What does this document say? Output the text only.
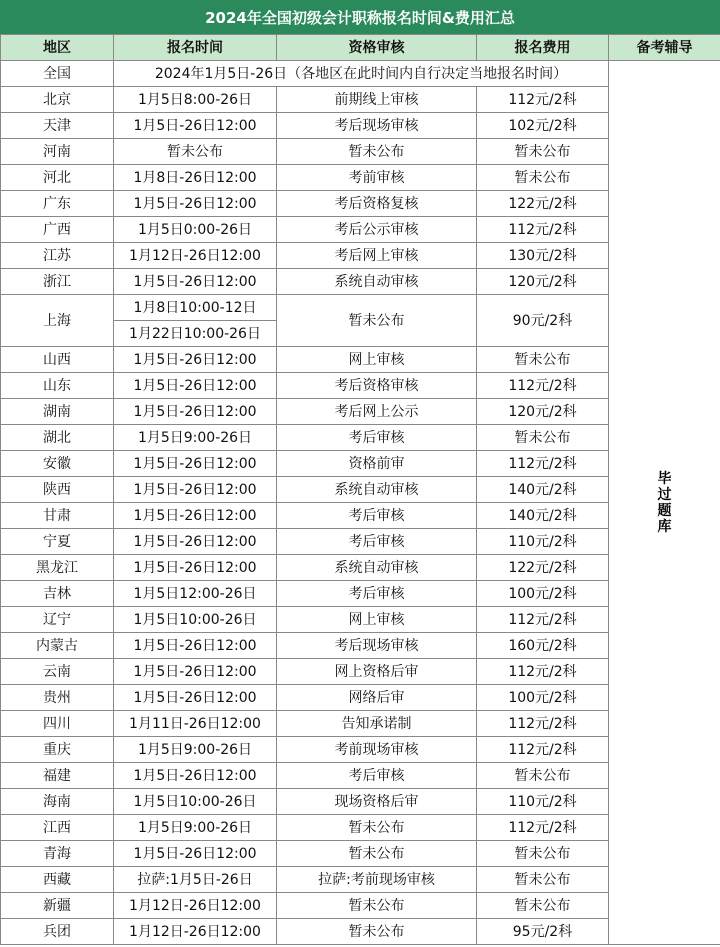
2024年全国初级会计职称报名时间&费用汇总
地区	报名时间	资格审核	报名费用	备考辅导
全国	2024年1月5日-26日（各地区在此时间内自行决定当地报名时间）			毕
过
题
库

北京	1月5日8:00-26日	前期线上审核	112元/2科	
天津	1月5日-26日12:00	考后现场审核	102元/2科	
河南	暂未公布	暂未公布	暂未公布	
河北	1月8日-26日12:00	考前审核	暂未公布	
广东	1月5日-26日12:00	考后资格复核	122元/2科	
广西	1月5日0:00-26日	考后公示审核	112元/2科	
江苏	1月12日-26日12:00	考后网上审核	130元/2科	
浙江	1月5日-26日12:00	系统自动审核	120元/2科	
上海	1月8日10:00-12日	暂未公布	90元/2科	
	1月22日10:00-26日			
山西	1月5日-26日12:00	网上审核	暂未公布	
山东	1月5日-26日12:00	考后资格审核	112元/2科	
湖南	1月5日-26日12:00	考后网上公示	120元/2科	
湖北	1月5日9:00-26日	考后审核	暂未公布	
安徽	1月5日-26日12:00	资格前审	112元/2科	
陕西	1月5日-26日12:00	系统自动审核	140元/2科	
甘肃	1月5日-26日12:00	考后审核	140元/2科	
宁夏	1月5日-26日12:00	考后审核	110元/2科	
黑龙江	1月5日-26日12:00	系统自动审核	122元/2科	
吉林	1月5日12:00-26日	考后审核	100元/2科	
辽宁	1月5日10:00-26日	网上审核	112元/2科	
内蒙古	1月5日-26日12:00	考后现场审核	160元/2科	
云南	1月5日-26日12:00	网上资格后审	112元/2科	
贵州	1月5日-26日12:00	网络后审	100元/2科	
四川	1月11日-26日12:00	告知承诺制	112元/2科	
重庆	1月5日9:00-26日	考前现场审核	112元/2科	
福建	1月5日-26日12:00	考后审核	暂未公布	
海南	1月5日10:00-26日	现场资格后审	110元/2科	
江西	1月5日9:00-26日	暂未公布	112元/2科	
青海	1月5日-26日12:00	暂未公布	暂未公布	
西藏	拉萨:1月5日-26日	拉萨:考前现场审核	暂未公布	
新疆	1月12日-26日12:00	暂未公布	暂未公布	
兵团	1月12日-26日12:00	暂未公布	95元/2科	
